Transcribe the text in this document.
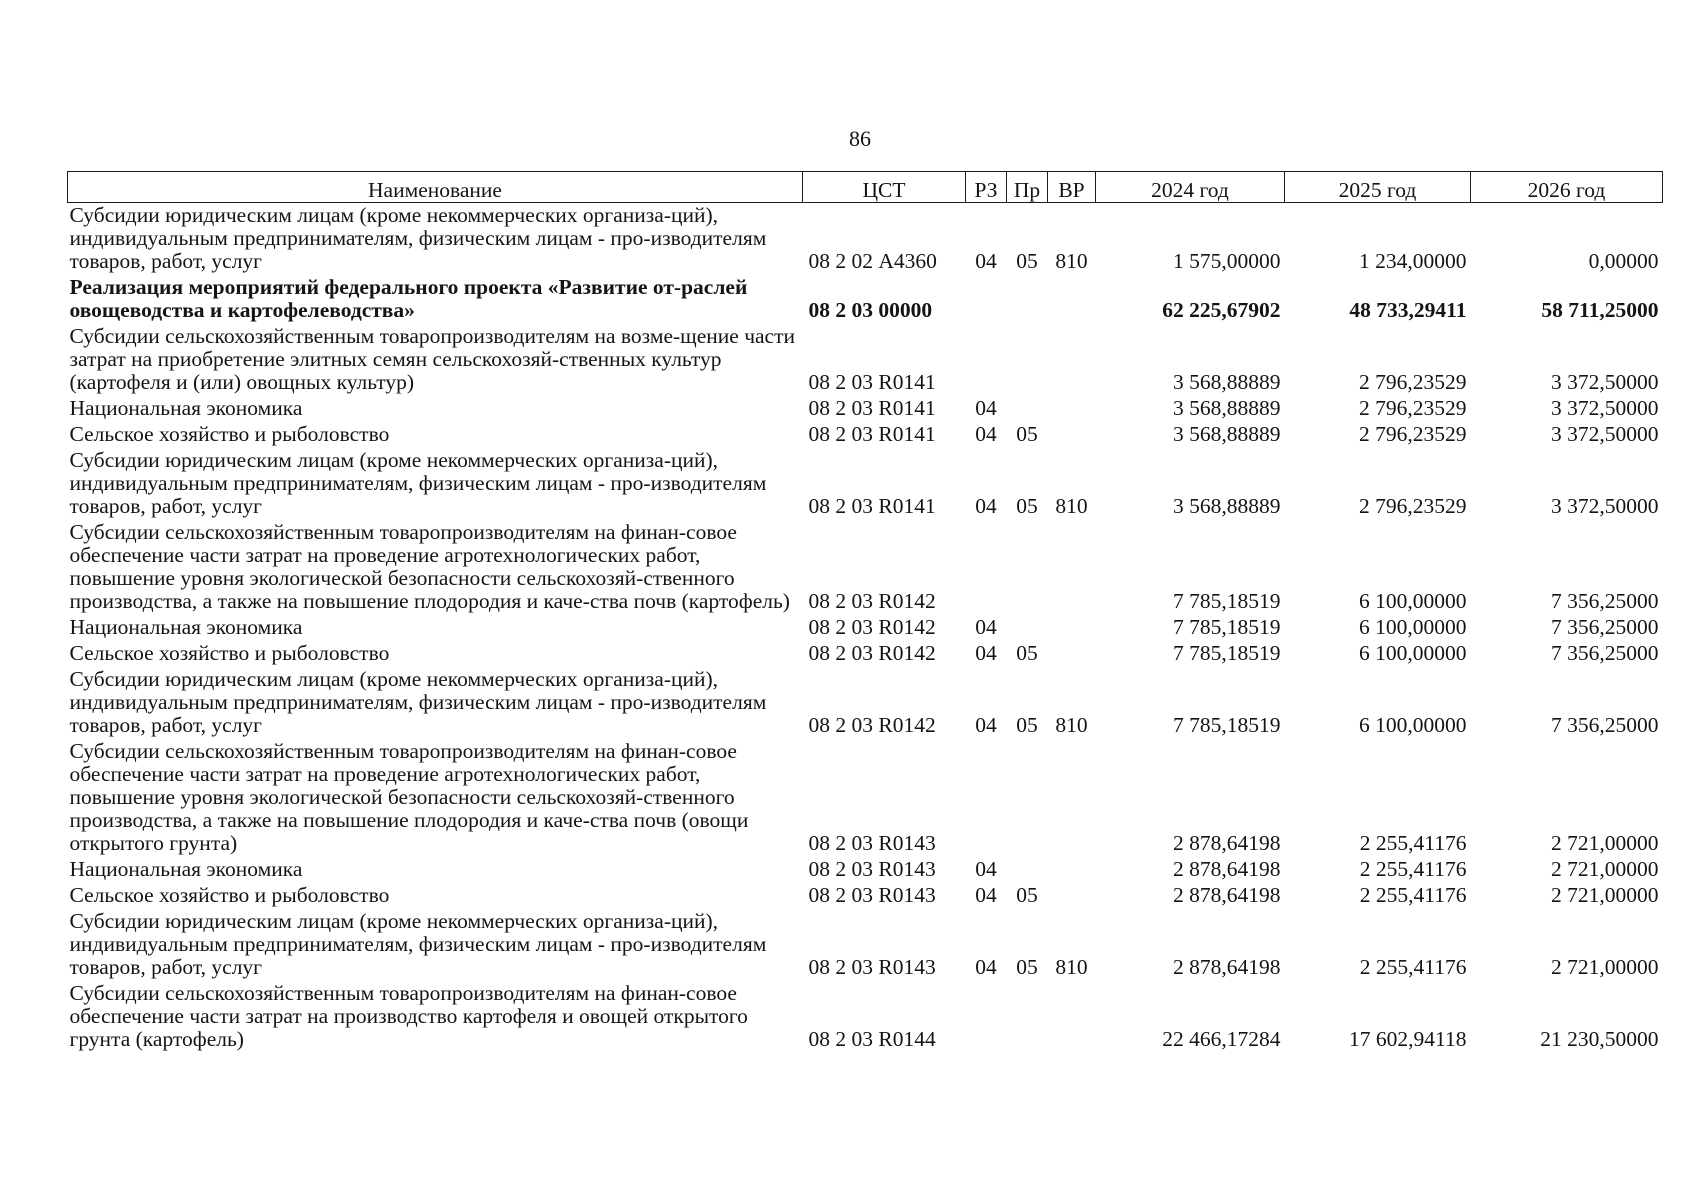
86
Наименование	ЦСТ	РЗ	Пр	ВР	2024 год	2025 год	2026 год
Субсидии юридическим лицам (кроме некоммерческих организа-ций), индивидуальным предпринимателям, физическим лицам - про-изводителям товаров, работ, услуг	08 2 02 А4360	04	05	810	1 575,00000	1 234,00000	0,00000
Реализация мероприятий федерального проекта «Развитие от-раслей овощеводства и картофелеводства»	08 2 03 00000				62 225,67902	48 733,29411	58 711,25000
Субсидии сельскохозяйственным товаропроизводителям на возме-щение части затрат на приобретение элитных семян сельскохозяй-ственных культур (картофеля и (или) овощных культур)	08 2 03 R0141				3 568,88889	2 796,23529	3 372,50000
Национальная экономика	08 2 03 R0141	04			3 568,88889	2 796,23529	3 372,50000
Сельское хозяйство и рыболовство	08 2 03 R0141	04	05		3 568,88889	2 796,23529	3 372,50000
Субсидии юридическим лицам (кроме некоммерческих организа-ций), индивидуальным предпринимателям, физическим лицам - про-изводителям товаров, работ, услуг	08 2 03 R0141	04	05	810	3 568,88889	2 796,23529	3 372,50000
Субсидии сельскохозяйственным товаропроизводителям на финан-совое обеспечение части затрат на проведение агротехнологических работ, повышение уровня экологической безопасности сельскохозяй-ственного производства, а также на повышение плодородия и каче-ства почв (картофель)	08 2 03 R0142				7 785,18519	6 100,00000	7 356,25000
Национальная экономика	08 2 03 R0142	04			7 785,18519	6 100,00000	7 356,25000
Сельское хозяйство и рыболовство	08 2 03 R0142	04	05		7 785,18519	6 100,00000	7 356,25000
Субсидии юридическим лицам (кроме некоммерческих организа-ций), индивидуальным предпринимателям, физическим лицам - про-изводителям товаров, работ, услуг	08 2 03 R0142	04	05	810	7 785,18519	6 100,00000	7 356,25000
Субсидии сельскохозяйственным товаропроизводителям на финан-совое обеспечение части затрат на проведение агротехнологических работ, повышение уровня экологической безопасности сельскохозяй-ственного производства, а также на повышение плодородия и каче-ства почв (овощи открытого грунта)	08 2 03 R0143				2 878,64198	2 255,41176	2 721,00000
Национальная экономика	08 2 03 R0143	04			2 878,64198	2 255,41176	2 721,00000
Сельское хозяйство и рыболовство	08 2 03 R0143	04	05		2 878,64198	2 255,41176	2 721,00000
Субсидии юридическим лицам (кроме некоммерческих организа-ций), индивидуальным предпринимателям, физическим лицам - про-изводителям товаров, работ, услуг	08 2 03 R0143	04	05	810	2 878,64198	2 255,41176	2 721,00000
Субсидии сельскохозяйственным товаропроизводителям на финан-совое обеспечение части затрат на производство картофеля и овощей открытого грунта (картофель)	08 2 03 R0144				22 466,17284	17 602,94118	21 230,50000
